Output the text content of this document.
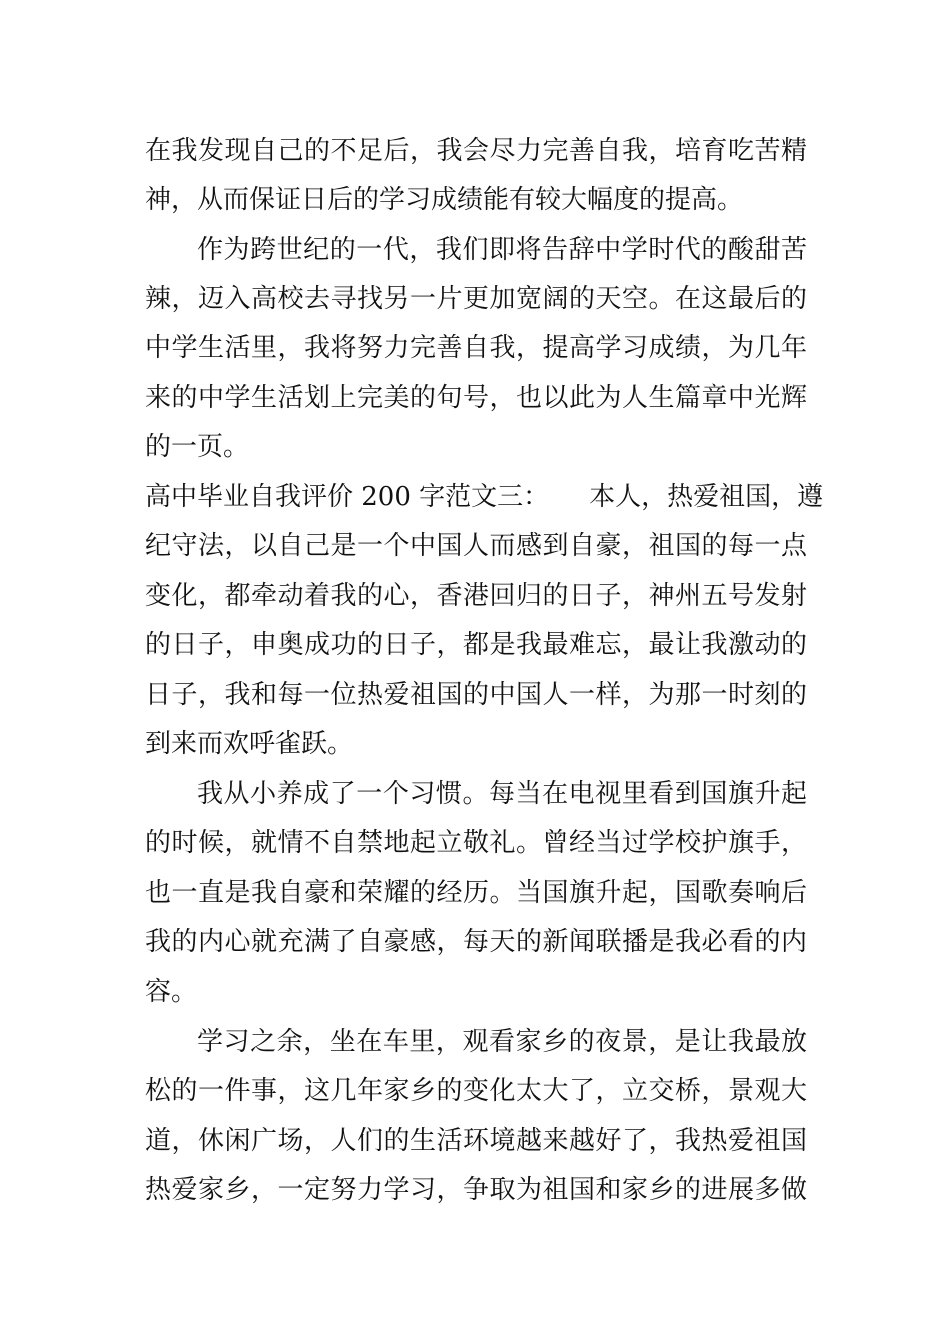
在我发现自己的不足后，我会尽力完善自我，培育吃苦精
神，从而保证日后的学习成绩能有较大幅度的提高。
作为跨世纪的一代，我们即将告辞中学时代的酸甜苦
辣，迈入高校去寻找另一片更加宽阔的天空。在这最后的
中学生活里，我将努力完善自我，提高学习成绩，为几年
来的中学生活划上完美的句号，也以此为人生篇章中光辉
的一页。
高中毕业自我评价 200 字范文三： 本人，热爱祖国，遵
纪守法，以自己是一个中国人而感到自豪，祖国的每一点
变化，都牵动着我的心，香港回归的日子，神州五号发射
的日子，申奥成功的日子，都是我最难忘，最让我激动的
日子，我和每一位热爱祖国的中国人一样，为那一时刻的
到来而欢呼雀跃。
我从小养成了一个习惯。每当在电视里看到国旗升起
的时候，就情不自禁地起立敬礼。曾经当过学校护旗手，
也一直是我自豪和荣耀的经历。当国旗升起，国歌奏响后
我的内心就充满了自豪感，每天的新闻联播是我必看的内
容。
学习之余，坐在车里，观看家乡的夜景，是让我最放
松的一件事，这几年家乡的变化太大了，立交桥，景观大
道，休闲广场，人们的生活环境越来越好了，我热爱祖国
热爱家乡，一定努力学习，争取为祖国和家乡的进展多做
